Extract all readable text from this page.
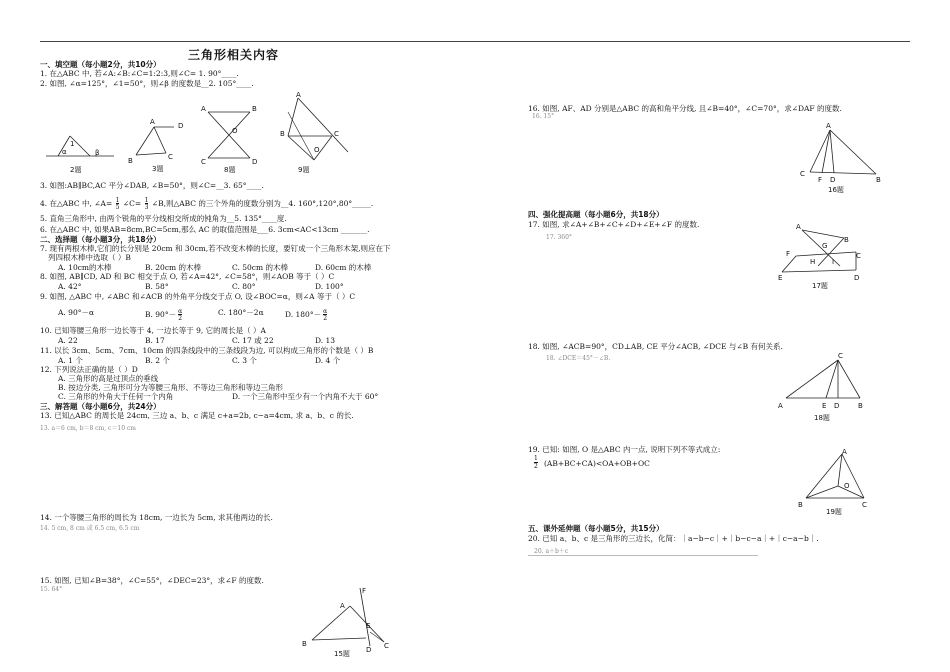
三角形相关内容
一、填空题（每小题2分，共10分）
1. 在△ABC 中, 若∠A:∠B:∠C=1:2:3,则∠C= 1. 90°____.
2. 如图, ∠α=125°，∠1=50°，则∠β 的度数是__2. 105°____.
α
1
β
2题
A	D
B	C
3题
A	B
O
C	D
8题
A
B	C
O
9题
3. 如图:AB∥BC,AC 平分∠DAB, ∠B=50°，则∠C=__3. 65°____.
4. 在△ABC 中, ∠A= $\frac{1}{5}$ ∠C= $\frac{1}{3}$ ∠B,则△ABC 的三个外角的度数分别为__4. 160°,120°,80°_____.
5. 直角三角形中, 由两个锐角的平分线相交所成的钝角为__5. 135°____度.
6. 在△ABC 中, 如果AB=8cm,BC=5cm,那么 AC 的取值范围是___6. 3cm<AC<13cm _______.
二、选择题（每小题3分，共18分）
7. 现有两根木棒,它们的长分别是 20cm 和 30cm,若不改变木棒的长度，要钉成一个三角形木架,则应在下
列四根木棒中选取（ ）B
A. 10cm的木棒	B. 20cm 的木棒	C. 50cm 的木棒	D. 60cm 的木棒
8. 如图, AB∥CD, AD 和 BC 相交于点 O, 若∠A=42°, ∠C=58°，则∠AOB 等于（ ）C
A. 42°	B. 58°	C. 80°	D. 100°
9. 如图, △ABC 中, ∠ABC 和∠ACB 的外角平分线交于点 O, 设∠BOC=α，则∠A 等于（ ）C
A. 90°－α	B. $90^\circ- \frac{\alpha}{2}$	C. 180°－2α	D. $180^\circ- \frac{\alpha}{2}$
10. 已知等腰三角形一边长等于 4, 一边长等于 9, 它的周长是（ ）A
A. 22	B. 17	C. 17 或 22	D. 13
11. 以长 3cm、5cm、7cm、10cm 的四条线段中的三条线段为边, 可以构成三角形的个数是（ ）B
A. 1 个	B. 2 个	C. 3 个	D. 4 个
12. 下列说法正确的是（ ）D
A. 三角形的高是过顶点的垂线
B. 按边分类, 三角形可分为等腰三角形、不等边三角形和等边三角形
C. 三角形的外角大于任何一个内角	D. 一个三角形中至少有一个内角不大于 60°
三、解答题（每小题6分，共24分）
13. 已知△ABC 的周长是 24cm, 三边 a、b、c 满足 c+a=2b, c−a=4cm, 求 a、b、c 的长.
13. a＝6 cm, b＝8 cm, c＝10 cm
14. 一个等腰三角形的周长为 18cm, 一边长为 5cm, 求其他两边的长.
14. 5 cm, 8 cm 或 6.5 cm, 6.5 cm
15. 如图, 已知∠B=38°，∠C=55°，∠DEC=23°，求∠F 的度数.
15. 64°
A
F
E
B	C
D
15题
16. 如图, AF、AD 分别是△ABC 的高和角平分线, 且∠B=40°，∠C=70°，求∠DAF 的度数.
16. 15°
A
C
F D	B
16题
四、强化提高题（每小题6分，共18分）
17. 如图, 求∠A+∠B+∠C+∠D+∠E+∠F 的度数.
17. 360°
A
B
G
F	C
H I
E	D
17题
18. 如图, ∠ACB=90°，CD⊥AB, CE 平分∠ACB, ∠DCE 与∠B 有何关系.
18. ∠DCE＝45°－∠B.	C
A	E D	B
18题
19. 已知: 如图, O 是△ABC 内一点, 说明下列不等式成立:
$\frac{1}{2} (AB+BC+CA)<OA+OB+OC$
A
O
B	C
19题
五、课外延伸题（每小题5分，共15分）
20. 已知 a、b、c 是三角形的三边长，化简：｜a−b−c｜+｜b−c−a｜+｜c−a−b｜.
20. a＋b＋c
